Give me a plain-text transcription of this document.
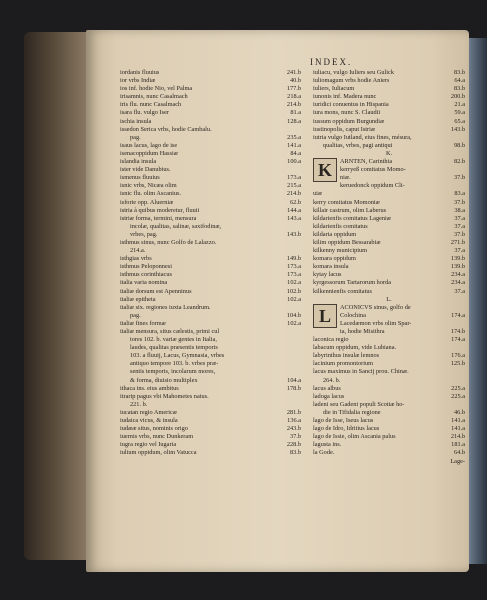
INDEX.
iordanis fluuius	241.b
ior vrbs Indiæ	40.b
ios inf. hodie Nio, vel Palma	177.b
irisamnis, nunc Casalmach	218.a
iris flu. nunc Casalmach	214.b
isara flu. vulgo Iser	81.a
ischia insula	128.a
issedon Serica vrbs, hodie Cambalu.
pag.	235.a
isaus lacus, lago de ise	141.a
isenacoppidum Hassiæ	84.a
islandia insula	100.a
ister vide Danubius.
ismenus fluuius	173.a
isnic vrbs, Nicæa olim	215.a
isnic flu. olim Ascanius.	214.b
isforie opp. Aluerniæ	62.b
istria à quibus moderetur, fluuii	144.a
istriæ forma, termini, mensura	143.a
incolæ, qualitas, salinæ, saxifodinæ,
vrbes, pag.	143.b
isthmus sinus, nunc Golfo de Lalazzo.
214.a.
isthgias vrbs	149.b
isthmus Peloponnesi	173.a
isthmus corinthiacus	173.a
italia varia nomina	102.a
italiæ dorsum est Apenninus	102.b
italiæ epitheta	102.a
italiæ six. regiones iuxta Leandrum.
pag.	104.b
italiæ fines formæ	102.a
italiæ mensura, situs cælestis, primi cul
tores 102. b. variæ gentes in Italia,
laudes, qualitas præsentis temporis
103. a fluuij, Lacus, Gymnasia, vrbes
antiquo tempore 103. b. vrbes præ-
sentis temporis, incolarum mores,
& forma, diuisio multiplex	104.a
ithaca ins. eius ambitus	178.b
itrarip pagus vbi Mahometes natus.
221. b.
iucatan regio Americæ	281.b
iudaica vicus, & insula	136.a
iudææ situs, nominis origo	243.b
iuernis vrbs, nunc Dunkeram	37.b
iugra regio vel Iugaria	228.b
iulium oppidum, olim Vatucca	83.b
iuliacu, vulgo Iuliers seu Gulick	83.b
iuliomagum vrbs hodie Aniers	64.a
iuliers, Iuliacum	83.b
iunonis inf. Madera nunc	200.b
iuridici conuentus in Hispania	21.a
iura mons, nunc S. Claudii	59.a
iussum oppidum Burgundiæ	65.a
iustinopolis, caput Istriæ	143.b
iutria vulgo Iutland, eius fines, mésura,
qualitas, vrbes, pagi antiqui	98.b
K.
K	ARNTEN, Carinthia	82.b
kerryeß comitatus Momo-
niæ.	37.b
keruedonck oppidum Cli-
uiæ	83.a
kerry comitatus Momoniæ	37.b
killair castrum, olim Laberus	38.a
kildarienfis comitatus Lageniæ	37.a
kildarienfis comitatus	37.a
kildaria oppidum	37.b
kilim oppidum Bessarabiæ	271.b
kilkenny municipium	37.a
komara oppidum	139.b
komara insula	139.b
kytay lacus	234.a
kyrgessorum Tartarorum horda	234.a
kilkennienfis comitatus	37.a
L.
L	ACONICVS sinus, golfo de
Colochina	174.a
Lacedæmon vrbs olim Spar-
ta, hodie Misithra	174.b
laconica regio	174.a
labacum oppidum, vide Lubiana.
labyrinthus insulæ lemnos	176.a
lacinium promontorium	125.b
lacus maximus in Sancij prou. Chinæ.
264. b.
lacus albus	225.a
ladoga lacus	225.a
ladeni seu Gadeni populi Scotiæ ho-
die in Tifidalia regione	46.b
lago de Isse, Iseus lacus	141.a
lago de Idro, Idritius lacus	141.a
lago de Issie, olim Ascania palus	214.b
lagusta ins.	181.a
la Gode.	64.b
Lage-
